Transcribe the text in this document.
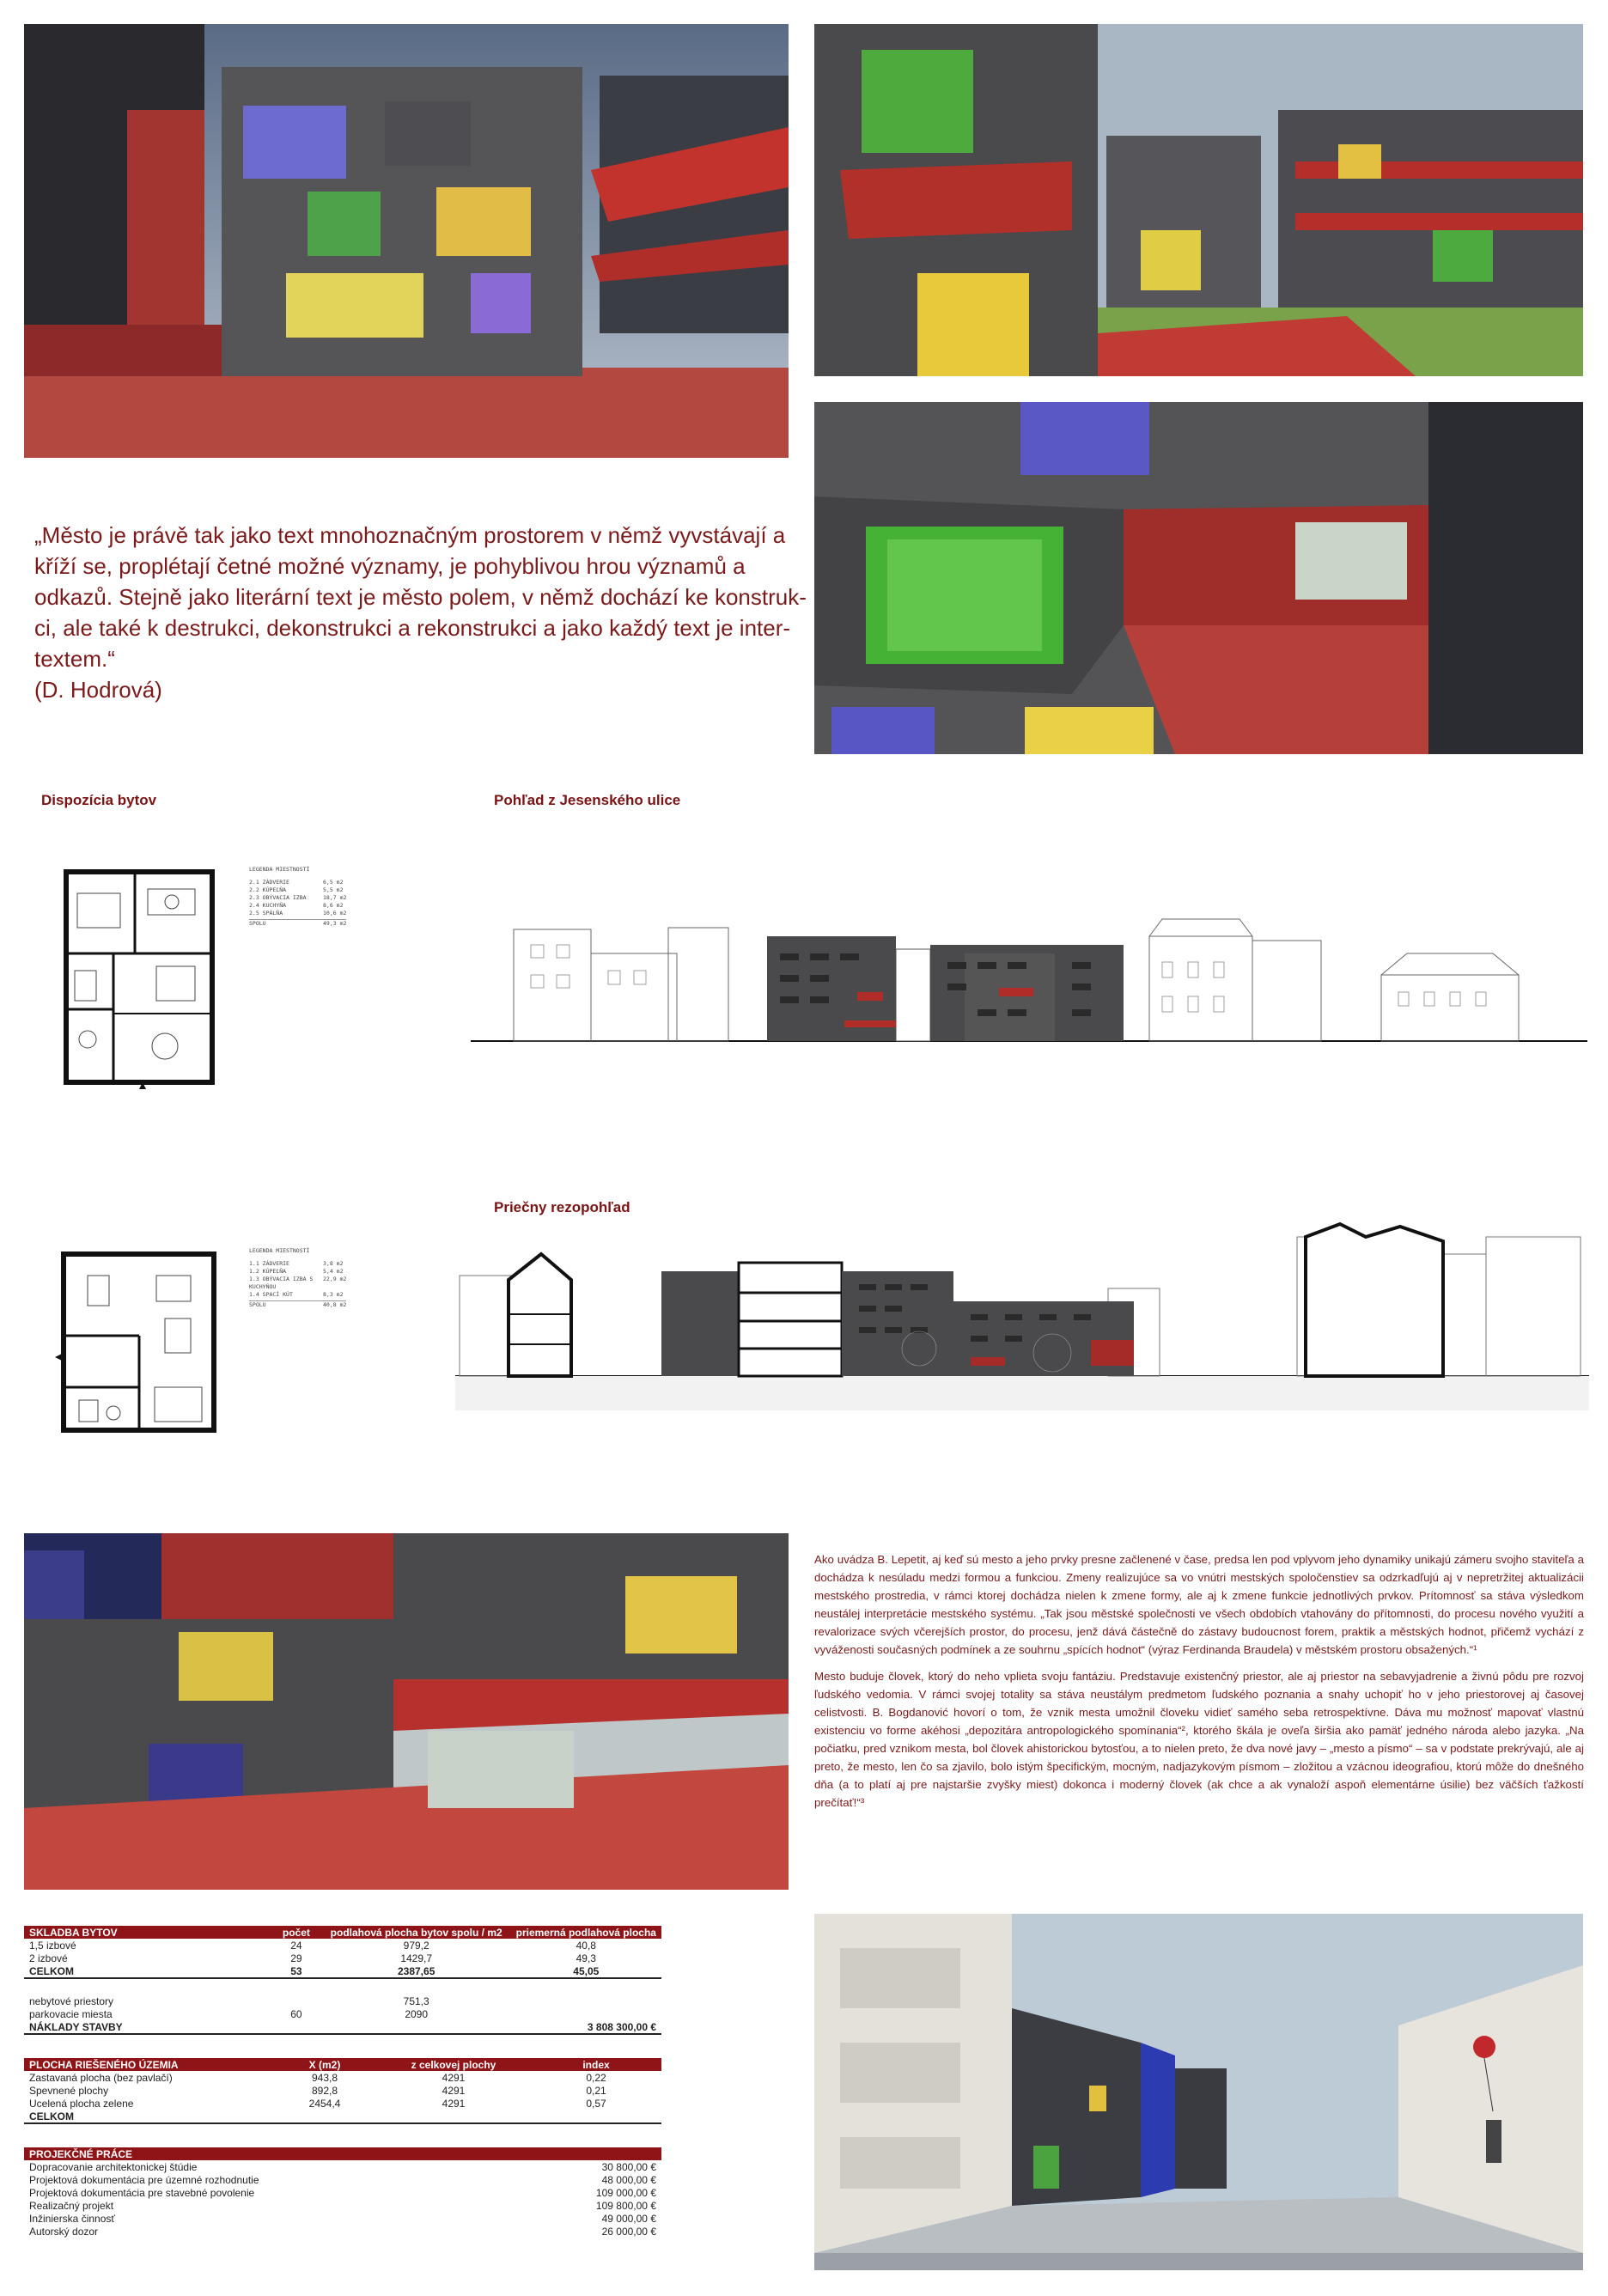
„Město je právě tak jako text mnohoznačným prostorem v němž vyvstávají a

kříží se, proplétají četné možné významy, je pohyblivou hrou významů a

odkazů. Stejně jako literární text je město polem, v němž dochází ke konstruk-

ci, ale také k destrukci, dekonstrukci a rekonstrukci a jako každý text je inter-

textem.“

(D. Hodrová)

Dispozícia bytov	Pohľad z Jesenského ulice
Priečny rezopohľad
LEGENDA MIESTNOSTÍ
2.1 ZÁDVERIE	6,5 m2
2.2 KÚPEĽŇA	5,5 m2
2.3 OBÝVACIA IZBA	18,7 m2
2.4 KUCHYŇA	8,6 m2
2.5 SPÁLŇA	10,6 m2
SPOLU	49,3 m2
LEGENDA MIESTNOSTÍ
1.1 ZÁDVERIE	3,8 m2
1.2 KÚPEĽŇA	5,4 m2
1.3 OBÝVACIA IZBA S KUCHYŇOU
22,9 m2
1.4 SPACÍ KÚT	8,3 m2
SPOLU	40,8 m2

Ako uvádza B. Lepetit, aj keď sú mesto a jeho prvky presne začlenené v čase, predsa len pod vplyvom jeho dynamiky unikajú zámeru svojho staviteľa a dochádza k nesúladu medzi formou a funkciou. Zmeny realizujúce sa vo vnútri mestských spoločenstiev sa odzrkadľujú aj v nepretržitej aktualizácii mestského prostredia, v rámci ktorej dochádza nielen k zmene formy, ale aj k zmene funkcie jednotlivých prvkov. Prítomnosť sa stáva výsledkom neustálej interpretácie mestského systému. „Tak jsou městské společnosti ve všech obdobích vtahovány do přítomnosti, do procesu nového využití a revalorizace svých včerejších prostor, do procesu, jenž dává částečně do zástavy budoucnost forem, praktik a městských hodnot, přičemž vychází z vyváženosti současných podmínek a ze souhrnu „spících hodnot“ (výraz Ferdinanda Braudela) v městském prostoru obsažených.“¹

Mesto buduje človek, ktorý do neho vplieta svoju fantáziu. Predstavuje existenčný priestor, ale aj priestor na sebavyjadrenie a živnú pôdu pre rozvoj ľudského vedomia. V rámci svojej totality sa stáva neustálym predmetom ľudského poznania a snahy uchopiť ho v jeho priestorovej aj časovej celistvosti. B. Bogdanović hovorí o tom, že vznik mesta umožnil človeku vidieť samého seba retrospektívne. Dáva mu možnosť mapovať vlastnú existenciu vo forme akéhosi „depozitára antropologického spomínania“², ktorého škála je oveľa širšia ako pamäť jedného národa alebo jazyka. „Na počiatku, pred vznikom mesta, bol človek ahistorickou bytosťou, a to nielen preto, že dva nové javy – „mesto a písmo“ – sa v podstate prekrývajú, ale aj preto, že mesto, len čo sa zjavilo, bolo istým špecifickým, mocným, nadjazykovým písmom – zložitou a vzácnou ideografiou, ktorú môže do dnešného dňa (a to platí aj pre najstaršie zvyšky miest) dokonca i moderný človek (ak chce a ak vynaloží aspoň elementárne úsilie) bez väčších ťažkostí prečítať!“³

SKLADBA BYTOV	počet	podlahová plocha bytov spolu / m2	priemerná podlahová plocha
1,5 izbové	24	979,2	40,8
2 izbové	29	1429,7	49,3
CELKOM	53	2387,65	45,05

nebytové priestory		751,3	
parkovacie miesta	60	2090	
NÁKLADY STAVBY			3 808 300,00 €
PLOCHA RIEŠENÉHO ÚZEMIA	X (m2)	z celkovej plochy	index
Zastavaná plocha (bez pavlačí)	943,8	4291	0,22
Spevnené plochy	892,8	4291	0,21
Ucelená plocha zelene	2454,4	4291	0,57
CELKOM			
PROJEKČNÉ PRÁCE	
Dopracovanie architektonickej štúdie	30 800,00 €
Projektová dokumentácia pre územné rozhodnutie	48 000,00 €
Projektová dokumentácia pre stavebné povolenie	109 000,00 €
Realizačný projekt	109 800,00 €
Inžinierska činnosť	49 000,00 €
Autorský dozor	26 000,00 €
